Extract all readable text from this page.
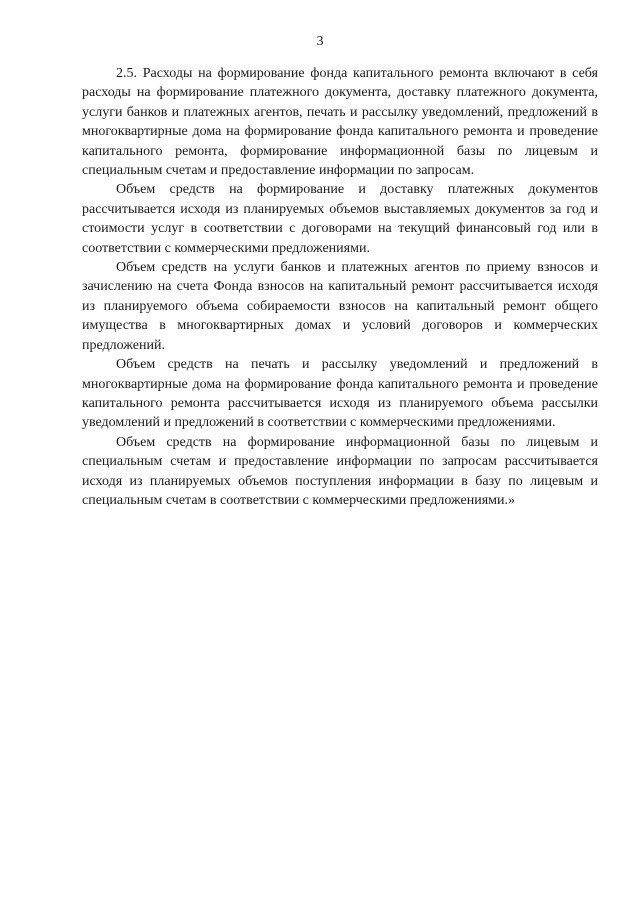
3

2.5. Расходы на формирование фонда капитального ремонта включают в себя расходы на формирование платежного документа, доставку платежного документа, услуги банков и платежных агентов, печать и рассылку уведомлений, предложений в многоквартирные дома на формирование фонда капитального ремонта и проведение капитального ремонта, формирование информационной базы по лицевым и специальным счетам и предоставление информации по запросам.

Объем средств на формирование и доставку платежных документов рассчитывается исходя из планируемых объемов выставляемых документов за год и стоимости услуг в соответствии с договорами на текущий финансовый год или в соответствии с коммерческими предложениями.

Объем средств на услуги банков и платежных агентов по приему взносов и зачислению на счета Фонда взносов на капитальный ремонт рассчитывается исходя из планируемого объема собираемости взносов на капитальный ремонт общего имущества в многоквартирных домах и условий договоров и коммерческих предложений.

Объем средств на печать и рассылку уведомлений и предложений в многоквартирные дома на формирование фонда капитального ремонта и проведение капитального ремонта рассчитывается исходя из планируемого объема рассылки уведомлений и предложений в соответствии с коммерческими предложениями.

Объем средств на формирование информационной базы по лицевым и специальным счетам и предоставление информации по запросам рассчитывается исходя из планируемых объемов поступления информации в базу по лицевым и специальным счетам в соответствии с коммерческими предложениями.»
